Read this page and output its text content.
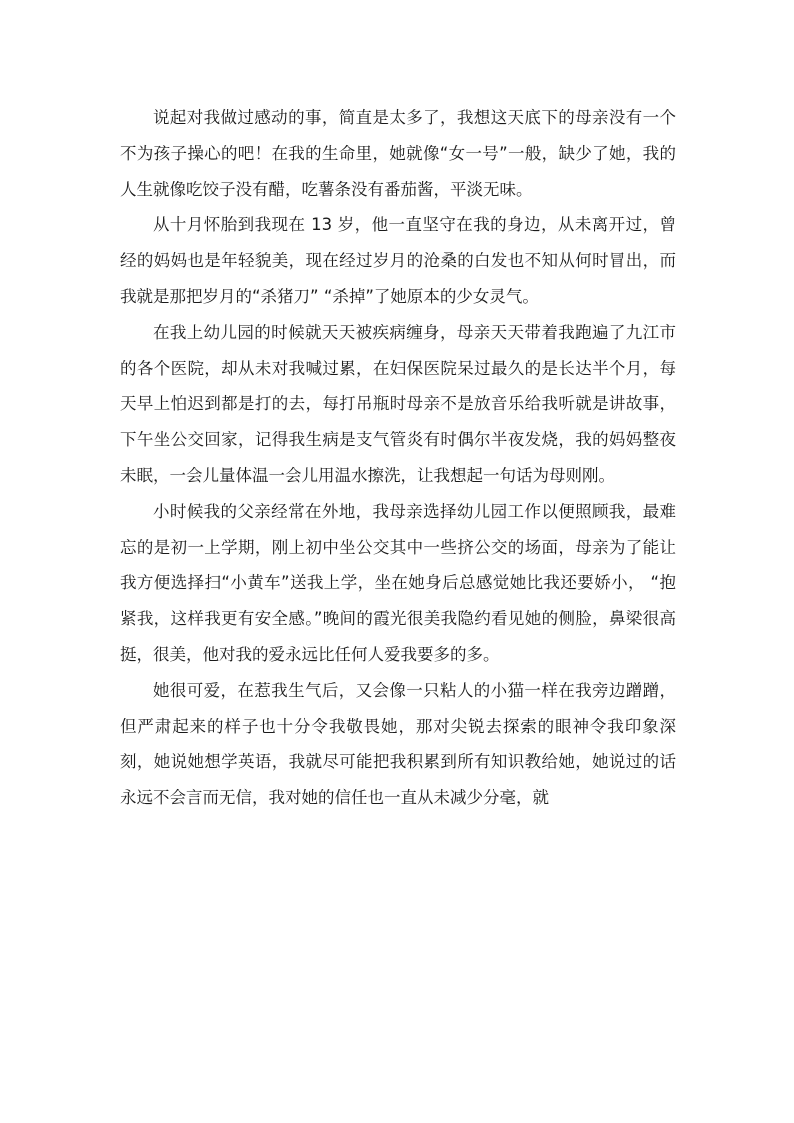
说起对我做过感动的事，简直是太多了，我想这天底下的母亲没有一个不为孩子操心的吧！在我的生命里，她就像“女一号”一般，缺少了她，我的人生就像吃饺子没有醋，吃薯条没有番茄酱，平淡无味。

从十月怀胎到我现在 13 岁，他一直坚守在我的身边，从未离开过，曾经的妈妈也是年轻貌美，现在经过岁月的沧桑的白发也不知从何时冒出，而我就是那把岁月的“杀猪刀” “杀掉”了她原本的少女灵气。

在我上幼儿园的时候就天天被疾病缠身，母亲天天带着我跑遍了九江市的各个医院，却从未对我喊过累，在妇保医院呆过最久的是长达半个月，每天早上怕迟到都是打的去，每打吊瓶时母亲不是放音乐给我听就是讲故事，下午坐公交回家，记得我生病是支气管炎有时偶尔半夜发烧，我的妈妈整夜未眠，一会儿量体温一会儿用温水擦洗，让我想起一句话为母则刚。

小时候我的父亲经常在外地，我母亲选择幼儿园工作以便照顾我，最难忘的是初一上学期，刚上初中坐公交其中一些挤公交的场面，母亲为了能让我方便选择扫“小黄车”送我上学，坐在她身后总感觉她比我还要娇小， “抱紧我，这样我更有安全感。”晚间的霞光很美我隐约看见她的侧脸，鼻梁很高挺，很美，他对我的爱永远比任何人爱我要多的多。

她很可爱，在惹我生气后，又会像一只粘人的小猫一样在我旁边蹭蹭，但严肃起来的样子也十分令我敬畏她，那对尖锐去探索的眼神令我印象深刻，她说她想学英语，我就尽可能把我积累到所有知识教给她，她说过的话永远不会言而无信，我对她的信任也一直从未减少分毫，就
